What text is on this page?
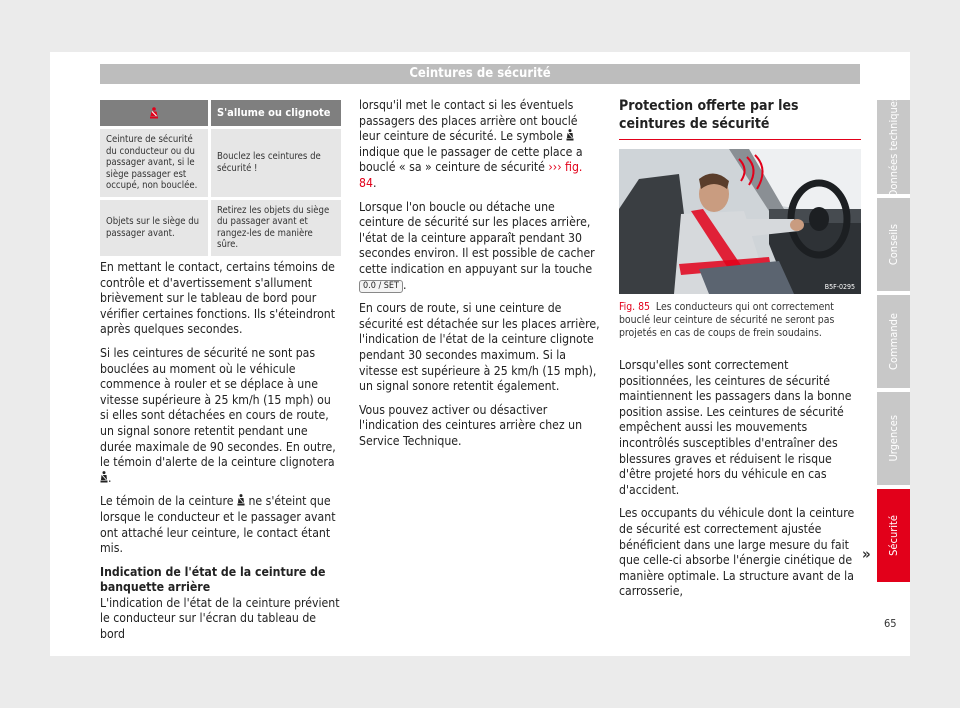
Ceintures de sécurité
	S'allume ou clignote
Ceinture de sécurité du conducteur ou du passager avant, si le siège passager est occupé, non bouclée.	Bouclez les ceintures de sécurité !
Objets sur le siège du passager avant.	Retirez les objets du siège du passager avant et rangez-les de manière sûre.

En mettant le contact, certains témoins de contrôle et d'avertissement s'allument brièvement sur le tableau de bord pour vérifier certaines fonctions. Ils s'éteindront après quelques secondes.

Si les ceintures de sécurité ne sont pas bouclées au moment où le véhicule commence à rouler et se déplace à une vitesse supérieure à 25 km/h (15 mph) ou si elles sont détachées en cours de route, un signal sonore retentit pendant une durée maximale de 90 secondes. En outre, le témoin d'alerte de la ceinture clignotera .

Le témoin de la ceinture ne s'éteint que lorsque le conducteur et le passager avant ont attaché leur ceinture, le contact étant mis.

Indication de l'état de la ceinture de banquette arrière

L'indication de l'état de la ceinture prévient le conducteur sur l'écran du tableau de bord

lorsqu'il met le contact si les éventuels passagers des places arrière ont bouclé leur ceinture de sécurité. Le symbole  indique que le passager de cette place a bouclé « sa » ceinture de sécurité ››› fig. 84.

Lorsque l'on boucle ou détache une ceinture de sécurité sur les places arrière, l'état de la ceinture apparaît pendant 30 secondes environ. Il est possible de cacher cette indication en appuyant sur la touche 0.0 / SET .

En cours de route, si une ceinture de sécurité est détachée sur les places arrière, l'indication de l'état de la ceinture clignote pendant 30 secondes maximum. Si la vitesse est supérieure à 25 km/h (15 mph), un signal sonore retentit également.

Vous pouvez activer ou désactiver l'indication des ceintures arrière chez un Service Technique.

Protection offerte par les ceintures de sécurité
B5F-0295
Fig. 85 Les conducteurs qui ont correctement bouclé leur ceinture de sécurité ne seront pas projetés en cas de coups de frein soudains.

Lorsqu'elles sont correctement positionnées, les ceintures de sécurité maintiennent les passagers dans la bonne position assise. Les ceintures de sécurité empêchent aussi les mouvements incontrôlés susceptibles d'entraîner des blessures graves et réduisent le risque d'être projeté hors du véhicule en cas d'accident.

Les occupants du véhicule dont la ceinture de sécurité est correctement ajustée bénéficient dans une large mesure du fait que celle-ci absorbe l'énergie cinétique de manière optimale. La structure avant de la carrosserie,

»
Données techniques
Conseils
Commande
Urgences
Sécurité
65
